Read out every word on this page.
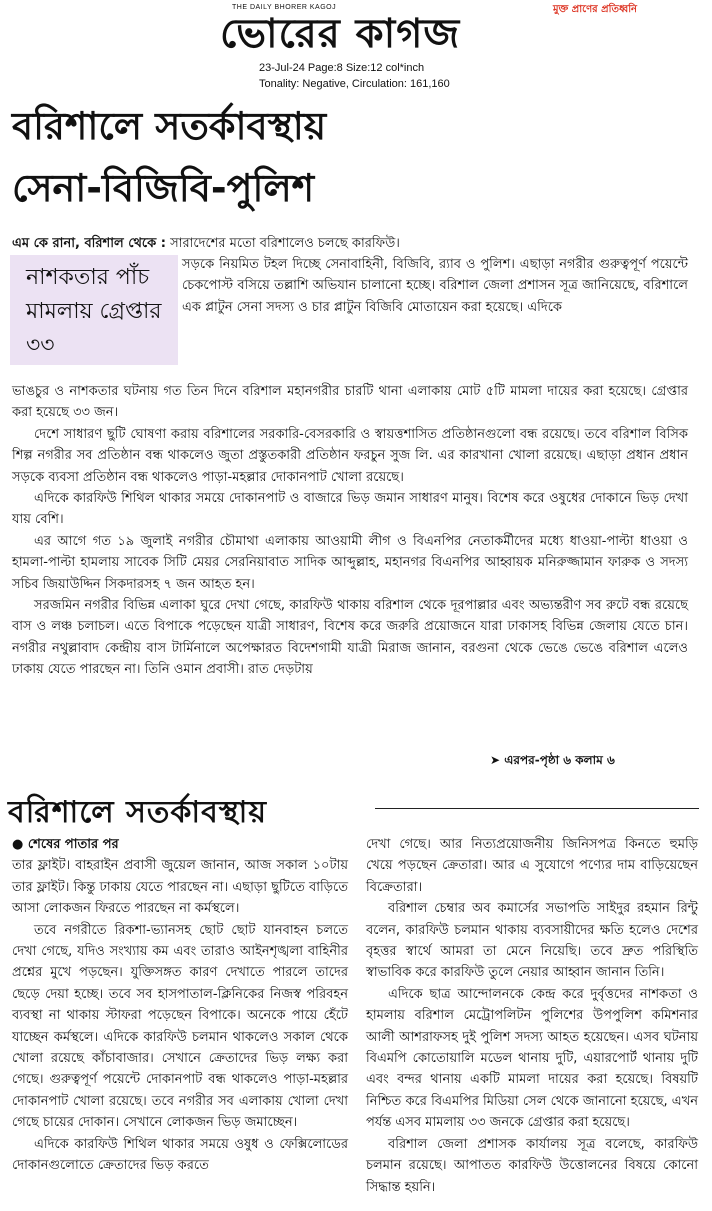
THE DAILY BHORER KAGOJ	মুক্ত প্রাণের প্রতিধ্বনি
ভোরের কাগজ
23-Jul-24 Page:8 Size:12 col*inch
Tonality: Negative, Circulation: 161,160
বরিশালে সতর্কাবস্থায়
সেনা-বিজিবি-পুলিশ
এম কে রানা, বরিশাল থেকে : সারাদেশের মতো বরিশালেও চলছে কারফিউ।
নাশকতার পাঁচ মামলায় গ্রেপ্তার ৩৩
সড়কে নিয়মিত টহল দিচ্ছে সেনাবাহিনী, বিজিবি, র‍্যাব ও পুলিশ। এছাড়া নগরীর গুরুত্বপূর্ণ পয়েন্টে চেকপোস্ট বসিয়ে তল্লাশি অভিযান চালানো হচ্ছে। বরিশাল জেলা প্রশাসন সূত্র জানিয়েছে, বরিশালে এক প্লাটুন সেনা সদস্য ও চার প্লাটুন বিজিবি মোতায়েন করা হয়েছে। এদিকে

ভাঙচুর ও নাশকতার ঘটনায় গত তিন দিনে বরিশাল মহানগরীর চারটি থানা এলাকায় মোট ৫টি মামলা দায়ের করা হয়েছে। গ্রেপ্তার করা হয়েছে ৩৩ জন।

দেশে সাধারণ ছুটি ঘোষণা করায় বরিশালের সরকারি-বেসরকারি ও স্বায়ত্তশাসিত প্রতিষ্ঠানগুলো বন্ধ রয়েছে। তবে বরিশাল বিসিক শিল্প নগরীর সব প্রতিষ্ঠান বন্ধ থাকলেও জুতা প্রস্তুতকারী প্রতিষ্ঠান ফরচুন সুজ লি. এর কারখানা খোলা রয়েছে। এছাড়া প্রধান প্রধান সড়কে ব্যবসা প্রতিষ্ঠান বন্ধ থাকলেও পাড়া-মহল্লার দোকানপাট খোলা রয়েছে।

এদিকে কারফিউ শিথিল থাকার সময়ে দোকানপাট ও বাজারে ভিড় জমান সাধারণ মানুষ। বিশেষ করে ওষুধের দোকানে ভিড় দেখা যায় বেশি।

এর আগে গত ১৯ জুলাই নগরীর চৌমাথা এলাকায় আওয়ামী লীগ ও বিএনপির নেতাকর্মীদের মধ্যে ধাওয়া-পাল্টা ধাওয়া ও হামলা-পাল্টা হামলায় সাবেক সিটি মেয়র সেরনিয়াবাত সাদিক আব্দুল্লাহ, মহানগর বিএনপির আহ্বায়ক মনিরুজ্জামান ফারুক ও সদস্য সচিব জিয়াউদ্দিন সিকদারসহ ৭ জন আহত হন।

সরজমিন নগরীর বিভিন্ন এলাকা ঘুরে দেখা গেছে, কারফিউ থাকায় বরিশাল থেকে দূরপাল্লার এবং অভ্যন্তরীণ সব রুটে বন্ধ রয়েছে বাস ও লঞ্চ চলাচল। এতে বিপাকে পড়েছেন যাত্রী সাধারণ, বিশেষ করে জরুরি প্রয়োজনে যারা ঢাকাসহ বিভিন্ন জেলায় যেতে চান। নগরীর নথুল্লাবাদ কেন্দ্রীয় বাস টার্মিনালে অপেক্ষারত বিদেশগামী যাত্রী মিরাজ জানান, বরগুনা থেকে ভেঙে ভেঙে বরিশাল এলেও ঢাকায় যেতে পারছেন না। তিনি ওমান প্রবাসী। রাত দেড়টায়

➤ এরপর-পৃষ্ঠা ৬ কলাম ৬
বরিশালে সতর্কাবস্থায়

● শেষের পাতার পর

তার ফ্লাইট। বাহরাইন প্রবাসী জুয়েল জানান, আজ সকাল ১০টায় তার ফ্লাইট। কিন্তু ঢাকায় যেতে পারছেন না। এছাড়া ছুটিতে বাড়িতে আসা লোকজন ফিরতে পারছেন না কর্মস্থলে।

তবে নগরীতে রিকশা-ভ্যানসহ ছোট ছোট যানবাহন চলতে দেখা গেছে, যদিও সংখ্যায় কম এবং তারাও আইনশৃঙ্খলা বাহিনীর প্রশ্নের মুখে পড়ছেন। যুক্তিসঙ্গত কারণ দেখাতে পারলে তাদের ছেড়ে দেয়া হচ্ছে। তবে সব হাসপাতাল-ক্লিনিকের নিজস্ব পরিবহন ব্যবস্থা না থাকায় স্টাফরা পড়েছেন বিপাকে। অনেকে পায়ে হেঁটে যাচ্ছেন কর্মস্থলে। এদিকে কারফিউ চলমান থাকলেও সকাল থেকে খোলা রয়েছে কাঁচাবাজার। সেখানে ক্রেতাদের ভিড় লক্ষ্য করা গেছে। গুরুত্বপূর্ণ পয়েন্টে দোকানপাট বন্ধ থাকলেও পাড়া-মহল্লার দোকানপাট খোলা রয়েছে। তবে নগরীর সব এলাকায় খোলা দেখা গেছে চায়ের দোকান। সেখানে লোকজন ভিড় জমাচ্ছেন।

এদিকে কারফিউ শিথিল থাকার সময়ে ওষুধ ও ফেক্সিলোডের দোকানগুলোতে ক্রেতাদের ভিড় করতে

দেখা গেছে। আর নিত্যপ্রয়োজনীয় জিনিসপত্র কিনতে হুমড়ি খেয়ে পড়ছেন ক্রেতারা। আর এ সুযোগে পণ্যের দাম বাড়িয়েছেন বিক্রেতারা।

বরিশাল চেম্বার অব কমার্সের সভাপতি সাইদুর রহমান রিন্টু বলেন, কারফিউ চলমান থাকায় ব্যবসায়ীদের ক্ষতি হলেও দেশের বৃহত্তর স্বার্থে আমরা তা মেনে নিয়েছি। তবে দ্রুত পরিস্থিতি স্বাভাবিক করে কারফিউ তুলে নেয়ার আহ্বান জানান তিনি।

এদিকে ছাত্র আন্দোলনকে কেন্দ্র করে দুর্বৃত্তদের নাশকতা ও হামলায় বরিশাল মেট্রোপলিটন পুলিশের উপপুলিশ কমিশনার আলী আশরাফসহ দুই পুলিশ সদস্য আহত হয়েছেন। এসব ঘটনায় বিএমপি কোতোয়ালি মডেল থানায় দুটি, এয়ারপোর্ট থানায় দুটি এবং বন্দর থানায় একটি মামলা দায়ের করা হয়েছে। বিষয়টি নিশ্চিত করে বিএমপির মিডিয়া সেল থেকে জানানো হয়েছে, এখন পর্যন্ত এসব মামলায় ৩৩ জনকে গ্রেপ্তার করা হয়েছে।

বরিশাল জেলা প্রশাসক কার্যালয় সূত্র বলেছে, কারফিউ চলমান রয়েছে। আপাতত কারফিউ উত্তোলনের বিষয়ে কোনো সিদ্ধান্ত হয়নি।
